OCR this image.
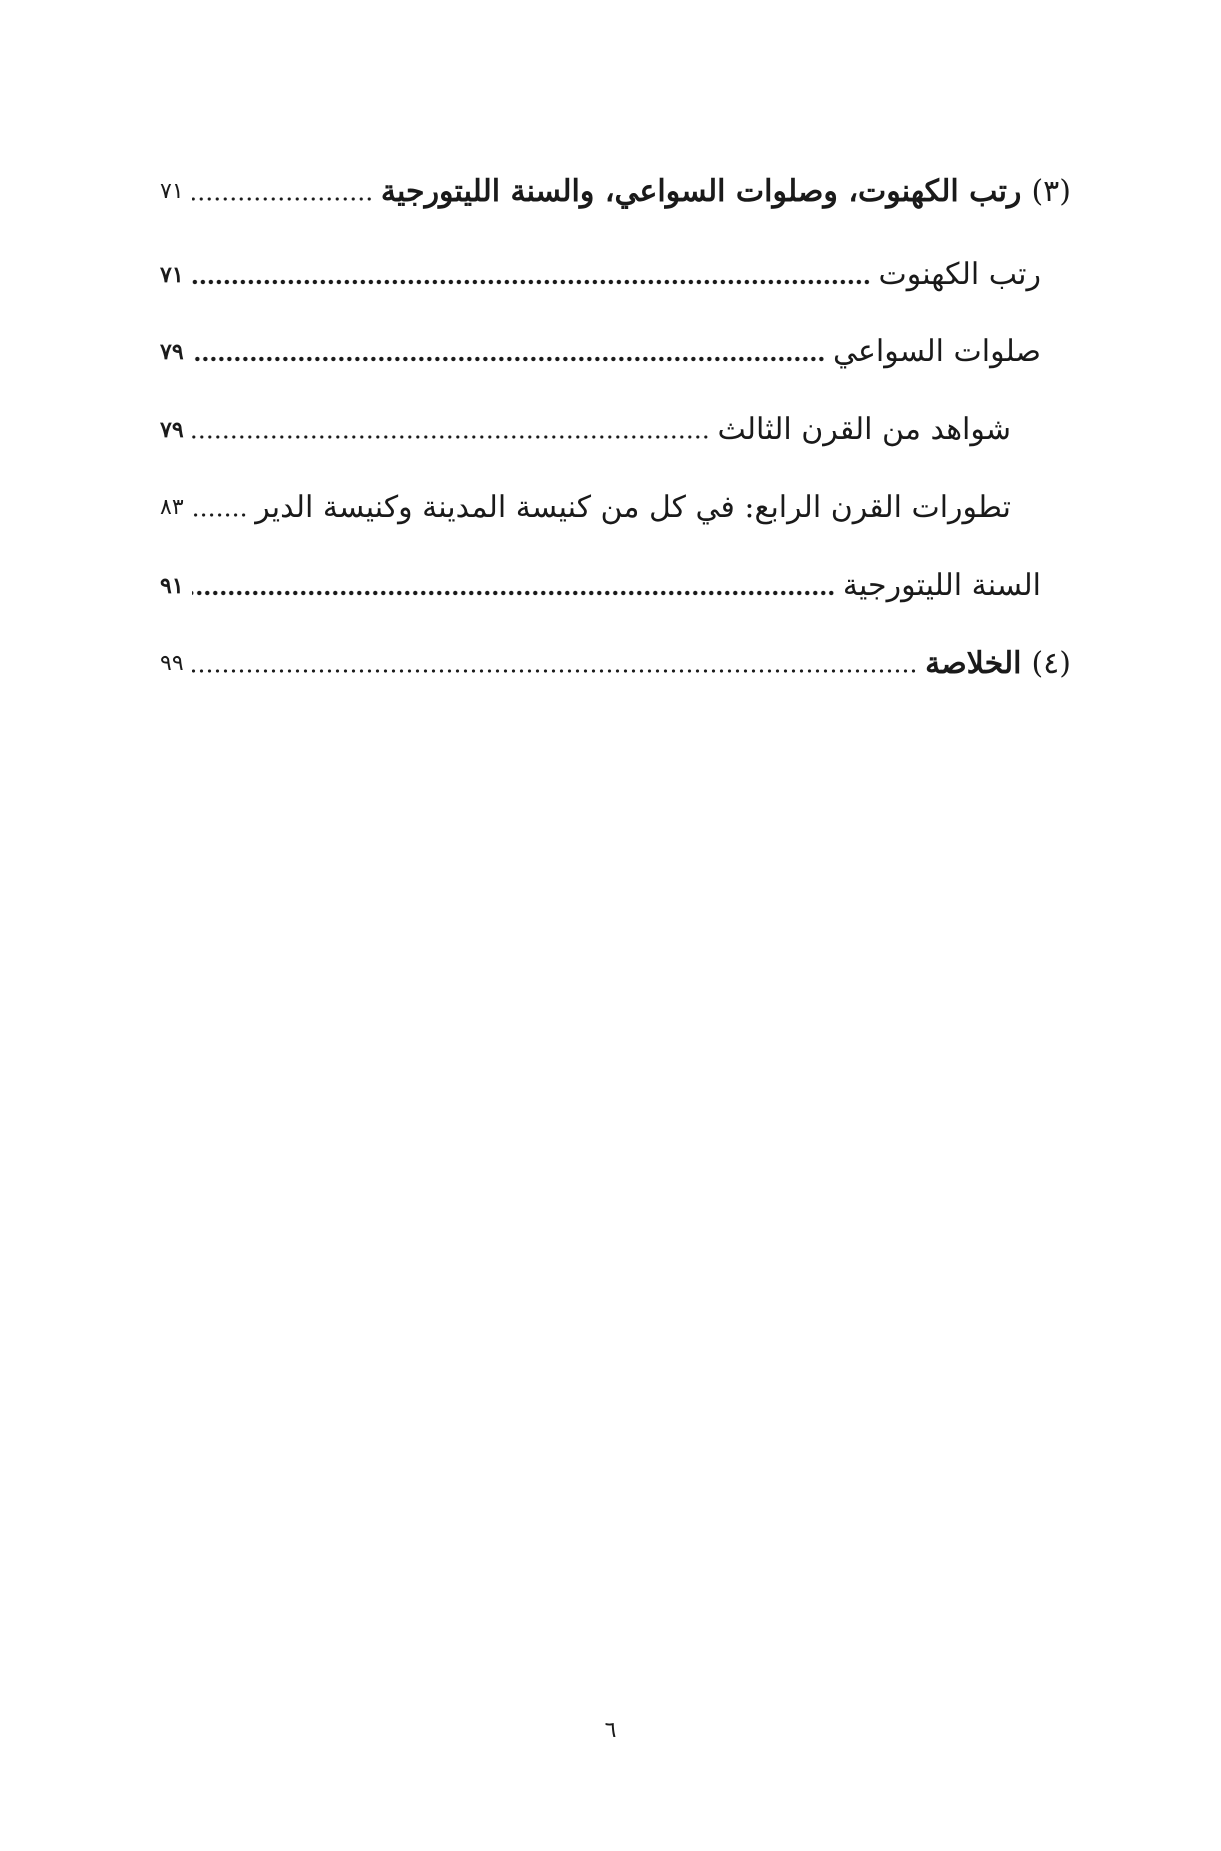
(٣)
رتب الكهنوت، وصلوات السواعي، والسنة الليتورجية
٧١
رتب الكهنوت
٧١
صلوات السواعي
٧٩
شواهد من القرن الثالث
٧٩
تطورات القرن الرابع: في كل من كنيسة المدينة وكنيسة الدير
٨٣
السنة الليتورجية
٩١
(٤)
الخلاصة
٩٩
٦
